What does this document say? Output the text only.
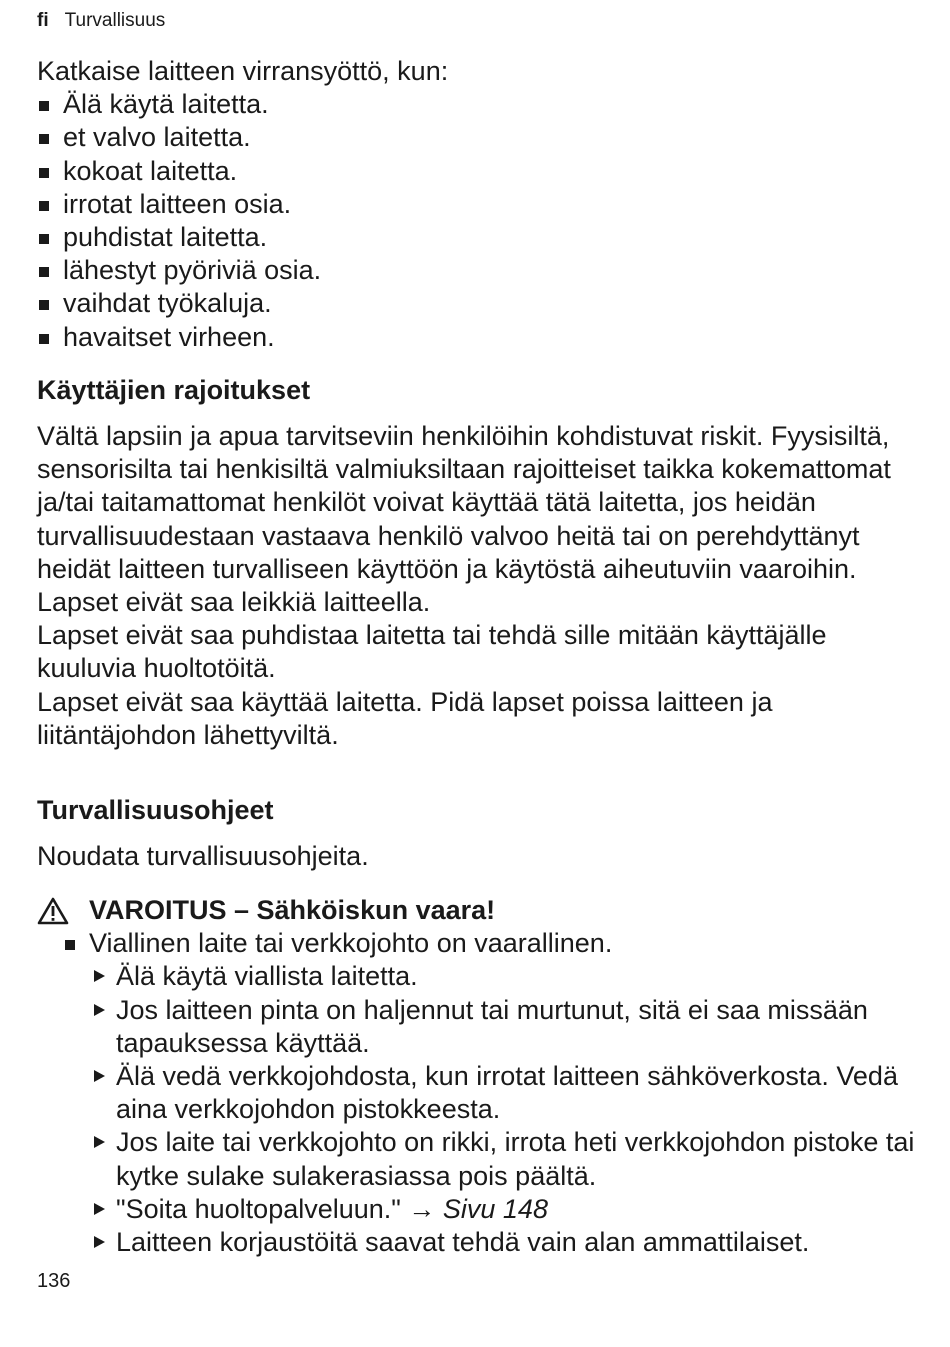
fi Turvallisuus
Katkaise laitteen virransyöttö, kun:
Älä käytä laitetta.
et valvo laitetta.
kokoat laitetta.
irrotat laitteen osia.
puhdistat laitetta.
lähestyt pyöriviä osia.
vaihdat työkaluja.
havaitset virheen.
Käyttäjien rajoitukset

Vältä lapsiin ja apua tarvitseviin henkilöihin kohdistuvat riskit. Fyysisiltä, sensorisilta tai henkisiltä valmiuksiltaan rajoitteiset taikka kokemattomat ja/tai taitamattomat henkilöt voivat käyttää tätä laitetta, jos heidän turvallisuudestaan vastaava henkilö valvoo heitä tai on perehdyttänyt heidät laitteen turvalliseen käyttöön ja käytöstä aiheutuviin vaaroihin.

Lapset eivät saa leikkiä laitteella.

Lapset eivät saa puhdistaa laitetta tai tehdä sille mitään käyttäjälle kuuluvia huoltotöitä.

Lapset eivät saa käyttää laitetta. Pidä lapset poissa laitteen ja liitäntäjohdon lähettyviltä.

Turvallisuusohjeet
Noudata turvallisuusohjeita.
VAROITUS – Sähköiskun vaara!
Viallinen laite tai verkkojohto on vaarallinen.
Älä käytä viallista laitetta.
Jos laitteen pinta on haljennut tai murtunut, sitä ei saa missään tapauksessa käyttää.
Älä vedä verkkojohdosta, kun irrotat laitteen sähköverkosta. Vedä aina verkkojohdon pistokkeesta.
Jos laite tai verkkojohto on rikki, irrota heti verkkojohdon pistoke tai kytke sulake sulakerasiassa pois päältä.
"Soita huoltopalveluun." → Sivu 148
Laitteen korjaustöitä saavat tehdä vain alan ammattilaiset.
136
